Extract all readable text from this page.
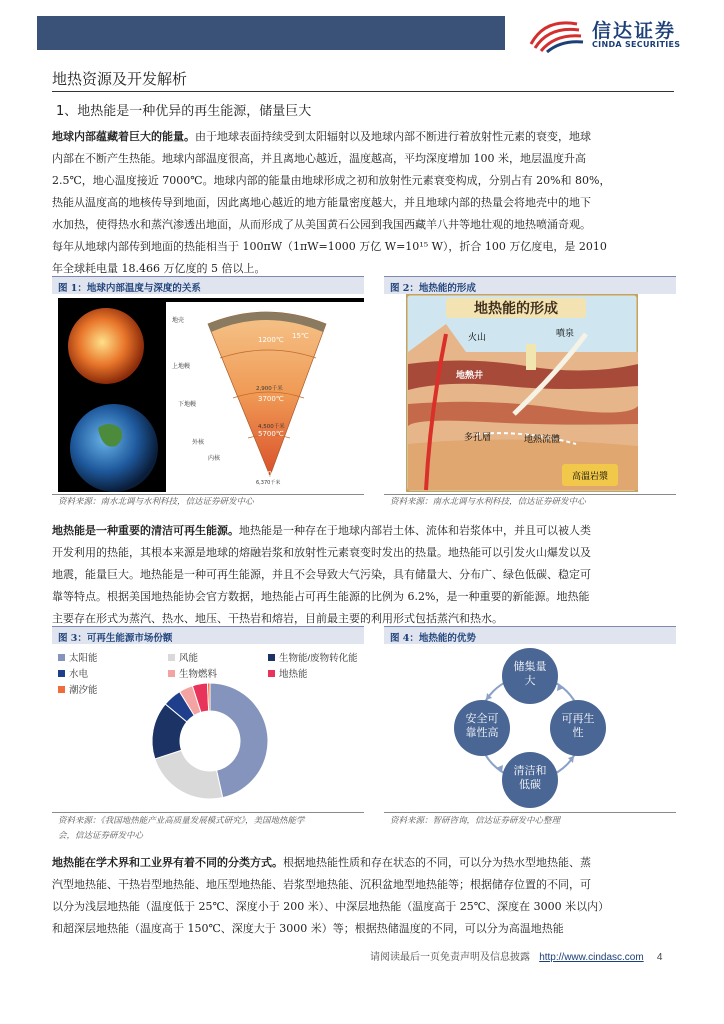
信达证券
CINDA SECURITIES
地热资源及开发解析
1、地热能是一种优异的再生能源，储量巨大
地球内部蕴藏着巨大的能量。由于地球表面持续受到太阳辐射以及地球内部不断进行着放射性元素的衰变，地球
内部在不断产生热能。地球内部温度很高，并且离地心越近，温度越高，平均深度增加 100 米，地层温度升高
2.5℃，地心温度接近 7000℃。地球内部的能量由地球形成之初和放射性元素衰变构成，分别占有 20%和 80%，
热能从温度高的地核传导到地面，因此离地心越近的地方能量密度越大，并且地球内部的热量会将地壳中的地下
水加热，使得热水和蒸汽渗透出地面，从而形成了从美国黄石公园到我国西藏羊八井等地壮观的地热喷涌奇观。
每年从地球内部传到地面的热能相当于 100πW（1πW=1000 万亿 W=10¹⁵ W），折合 100 万亿度电，是 2010
年全球耗电量 18.466 万亿度的 5 倍以上。
图 1：地球内部温度与深度的关系
地壳
上地幔
下地幔
外核
内核
1200℃
2,900千米
3700℃
4,500千米
5700℃
6500℃
6,370千米
15℃
资料来源：南水北调与水利科技，信达证券研发中心
图 2：地热能的形成
地热能的形成
火山	噴泉
地熱井
多孔層	地熱流體
高溫岩漿
资料来源：南水北调与水利科技，信达证券研发中心
地热能是一种重要的清洁可再生能源。地热能是一种存在于地球内部岩土体、流体和岩浆体中，并且可以被人类
开发利用的热能，其根本来源是地球的熔融岩浆和放射性元素衰变时发出的热量。地热能可以引发火山爆发以及
地震，能量巨大。地热能是一种可再生能源，并且不会导致大气污染，具有储量大、分布广、绿色低碳、稳定可
靠等特点。根据美国地热能协会官方数据，地热能占可再生能源的比例为 6.2%，是一种重要的新能源。地热能
主要存在形式为蒸汽、热水、地压、干热岩和熔岩，目前最主要的利用形式包括蒸汽和热水。
图 3：可再生能源市场份额
太阳能	风能	生物能/废物转化能
水电	生物燃料	地热能
潮汐能
资料来源：《我国地热能产业高质量发展模式研究》，美国地热能学
会，信达证券研发中心
图 4：地热能的优势
储集量
大
可再生
性
清洁和
低碳
安全可
靠性高
资料来源：智研咨询，信达证券研发中心整理
地热能在学术界和工业界有着不同的分类方式。根据地热能性质和存在状态的不同，可以分为热水型地热能、蒸
汽型地热能、干热岩型地热能、地压型地热能、岩浆型地热能、沉积盆地型地热能等；根据储存位置的不同，可
以分为浅层地热能（温度低于 25℃、深度小于 200 米）、中深层地热能（温度高于 25℃、深度在 3000 米以内）
和超深层地热能（温度高于 150℃、深度大于 3000 米）等；根据热储温度的不同，可以分为高温地热能
请阅读最后一页免责声明及信息披露 http://www.cindasc.com 4
